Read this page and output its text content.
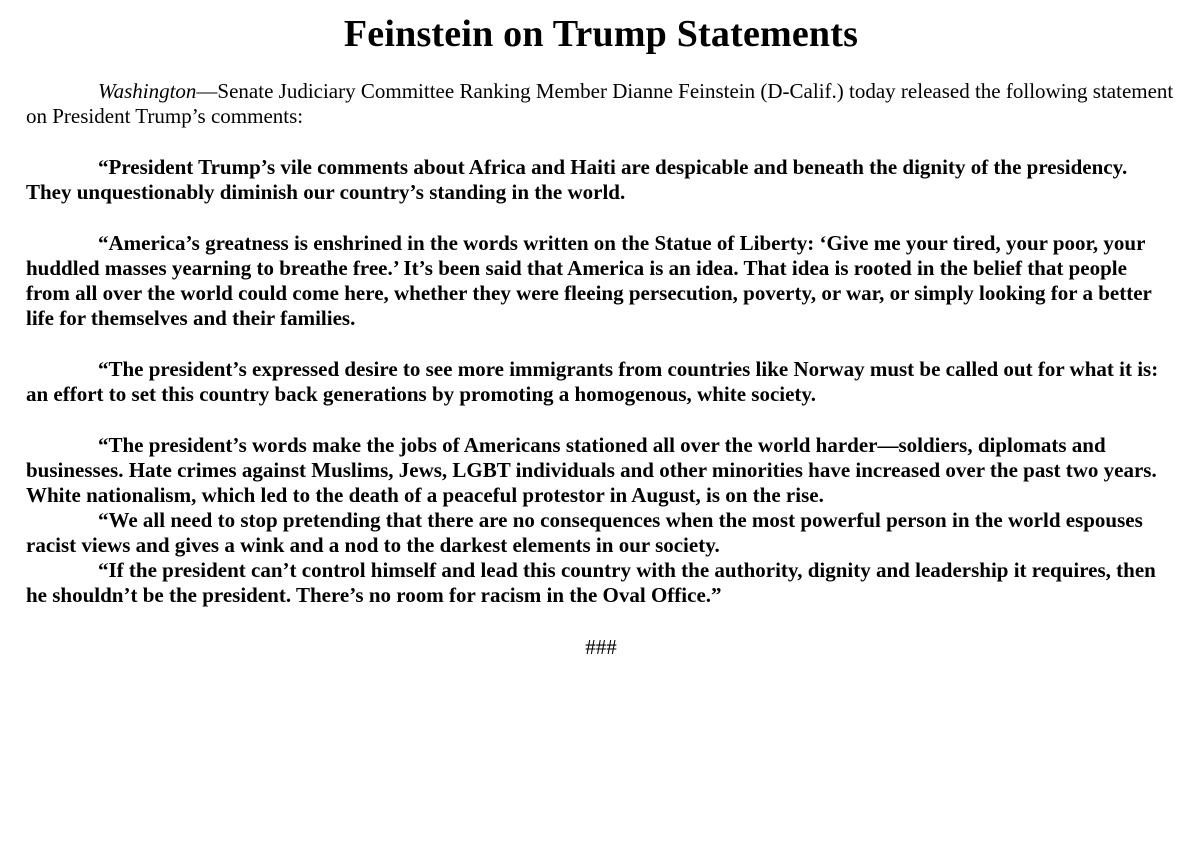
Feinstein on Trump Statements

Washington—Senate Judiciary Committee Ranking Member Dianne Feinstein (D-Calif.) today released the following statement on President Trump’s comments:

“President Trump’s vile comments about Africa and Haiti are despicable and beneath the dignity of the presidency. They unquestionably diminish our country’s standing in the world.

“America’s greatness is enshrined in the words written on the Statue of Liberty: ‘Give me your tired, your poor, your huddled masses yearning to breathe free.’ It’s been said that America is an idea. That idea is rooted in the belief that people from all over the world could come here, whether they were fleeing persecution, poverty, or war, or simply looking for a better life for themselves and their families.

“The president’s expressed desire to see more immigrants from countries like Norway must be called out for what it is: an effort to set this country back generations by promoting a homogenous, white society.

“The president’s words make the jobs of Americans stationed all over the world harder—soldiers, diplomats and businesses. Hate crimes against Muslims, Jews, LGBT individuals and other minorities have increased over the past two years. White nationalism, which led to the death of a peaceful protestor in August, is on the rise.

“We all need to stop pretending that there are no consequences when the most powerful person in the world espouses racist views and gives a wink and a nod to the darkest elements in our society.

“If the president can’t control himself and lead this country with the authority, dignity and leadership it requires, then he shouldn’t be the president. There’s no room for racism in the Oval Office.”

###
